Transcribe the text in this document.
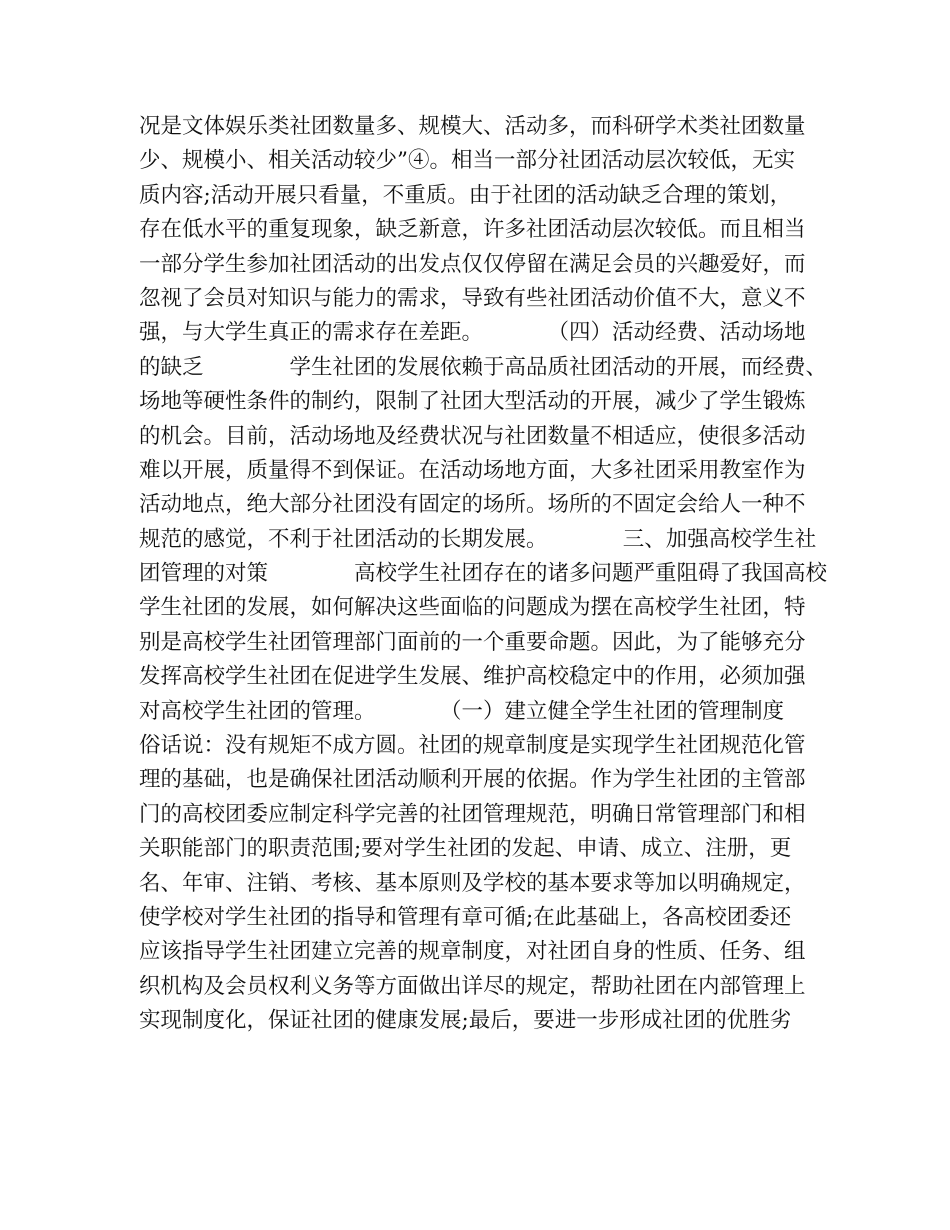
况是文体娱乐类社团数量多、规模大、活动多，而科研学术类社团数量
少、规模小、相关活动较少”④。相当一部分社团活动层次较低，无实
质内容;活动开展只看量，不重质。由于社团的活动缺乏合理的策划，
存在低水平的重复现象，缺乏新意，许多社团活动层次较低。而且相当
一部分学生参加社团活动的出发点仅仅停留在满足会员的兴趣爱好，而
忽视了会员对知识与能力的需求，导致有些社团活动价值不大，意义不
强，与大学生真正的需求存在差距。　　　　（四）活动经费、活动场地
的缺乏　　　　学生社团的发展依赖于高品质社团活动的开展，而经费、
场地等硬性条件的制约，限制了社团大型活动的开展，减少了学生锻炼
的机会。目前，活动场地及经费状况与社团数量不相适应，使很多活动
难以开展，质量得不到保证。在活动场地方面，大多社团采用教室作为
活动地点，绝大部分社团没有固定的场所。场所的不固定会给人一种不
规范的感觉，不利于社团活动的长期发展。　　　　三、加强高校学生社
团管理的对策　　　　高校学生社团存在的诸多问题严重阻碍了我国高校
学生社团的发展，如何解决这些面临的问题成为摆在高校学生社团，特
别是高校学生社团管理部门面前的一个重要命题。因此，为了能够充分
发挥高校学生社团在促进学生发展、维护高校稳定中的作用，必须加强
对高校学生社团的管理。　　　　（一）建立健全学生社团的管理制度
俗话说：没有规矩不成方圆。社团的规章制度是实现学生社团规范化管
理的基础，也是确保社团活动顺利开展的依据。作为学生社团的主管部
门的高校团委应制定科学完善的社团管理规范，明确日常管理部门和相
关职能部门的职责范围;要对学生社团的发起、申请、成立、注册，更
名、年审、注销、考核、基本原则及学校的基本要求等加以明确规定，
使学校对学生社团的指导和管理有章可循;在此基础上，各高校团委还
应该指导学生社团建立完善的规章制度，对社团自身的性质、任务、组
织机构及会员权利义务等方面做出详尽的规定，帮助社团在内部管理上
实现制度化，保证社团的健康发展;最后，要进一步形成社团的优胜劣
